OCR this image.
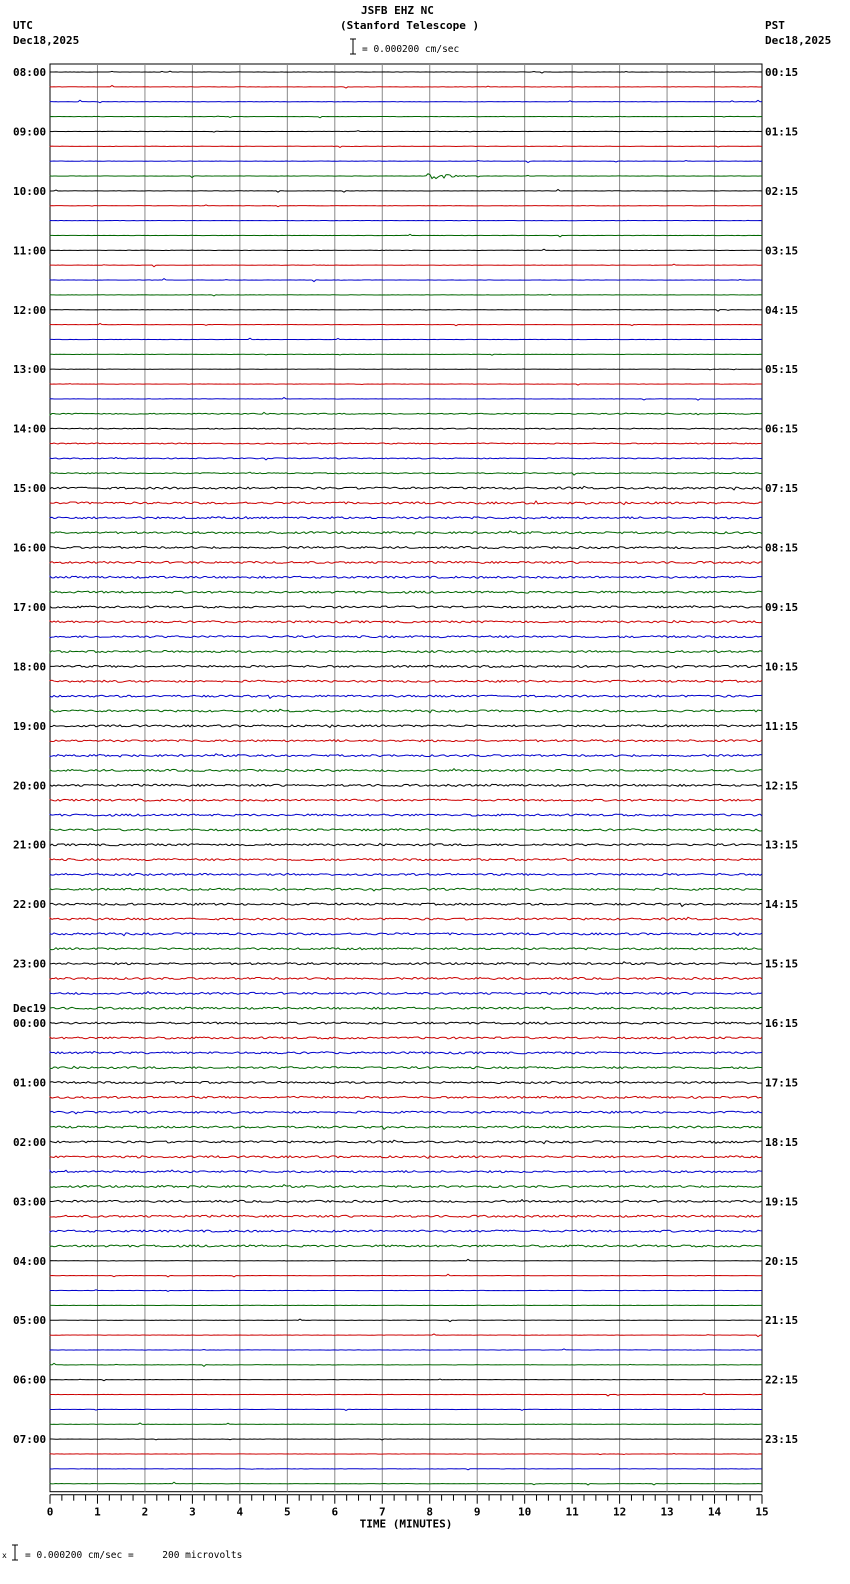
JSFB EHZ NC
(Stanford Telescope )
UTC
Dec18,2025
PST
Dec18,2025
= 0.000200 cm/sec
08:00	00:15
09:00	01:15
10:00	02:15
11:00	03:15
12:00	04:15
13:00	05:15
14:00	06:15
15:00	07:15
16:00	08:15
17:00	09:15
18:00	10:15
19:00	11:15
20:00	12:15
21:00	13:15
22:00	14:15
23:00	15:15
00:00	16:15
01:00	17:15
02:00	18:15
03:00	19:15
04:00	20:15
05:00	21:15
06:00	22:15
07:00	23:15
Dec19
0	1	2	3	4	5	6	7	8	9	10	11	12	13	14	15
TIME (MINUTES)
x = 0.000200 cm/sec =     200 microvolts
